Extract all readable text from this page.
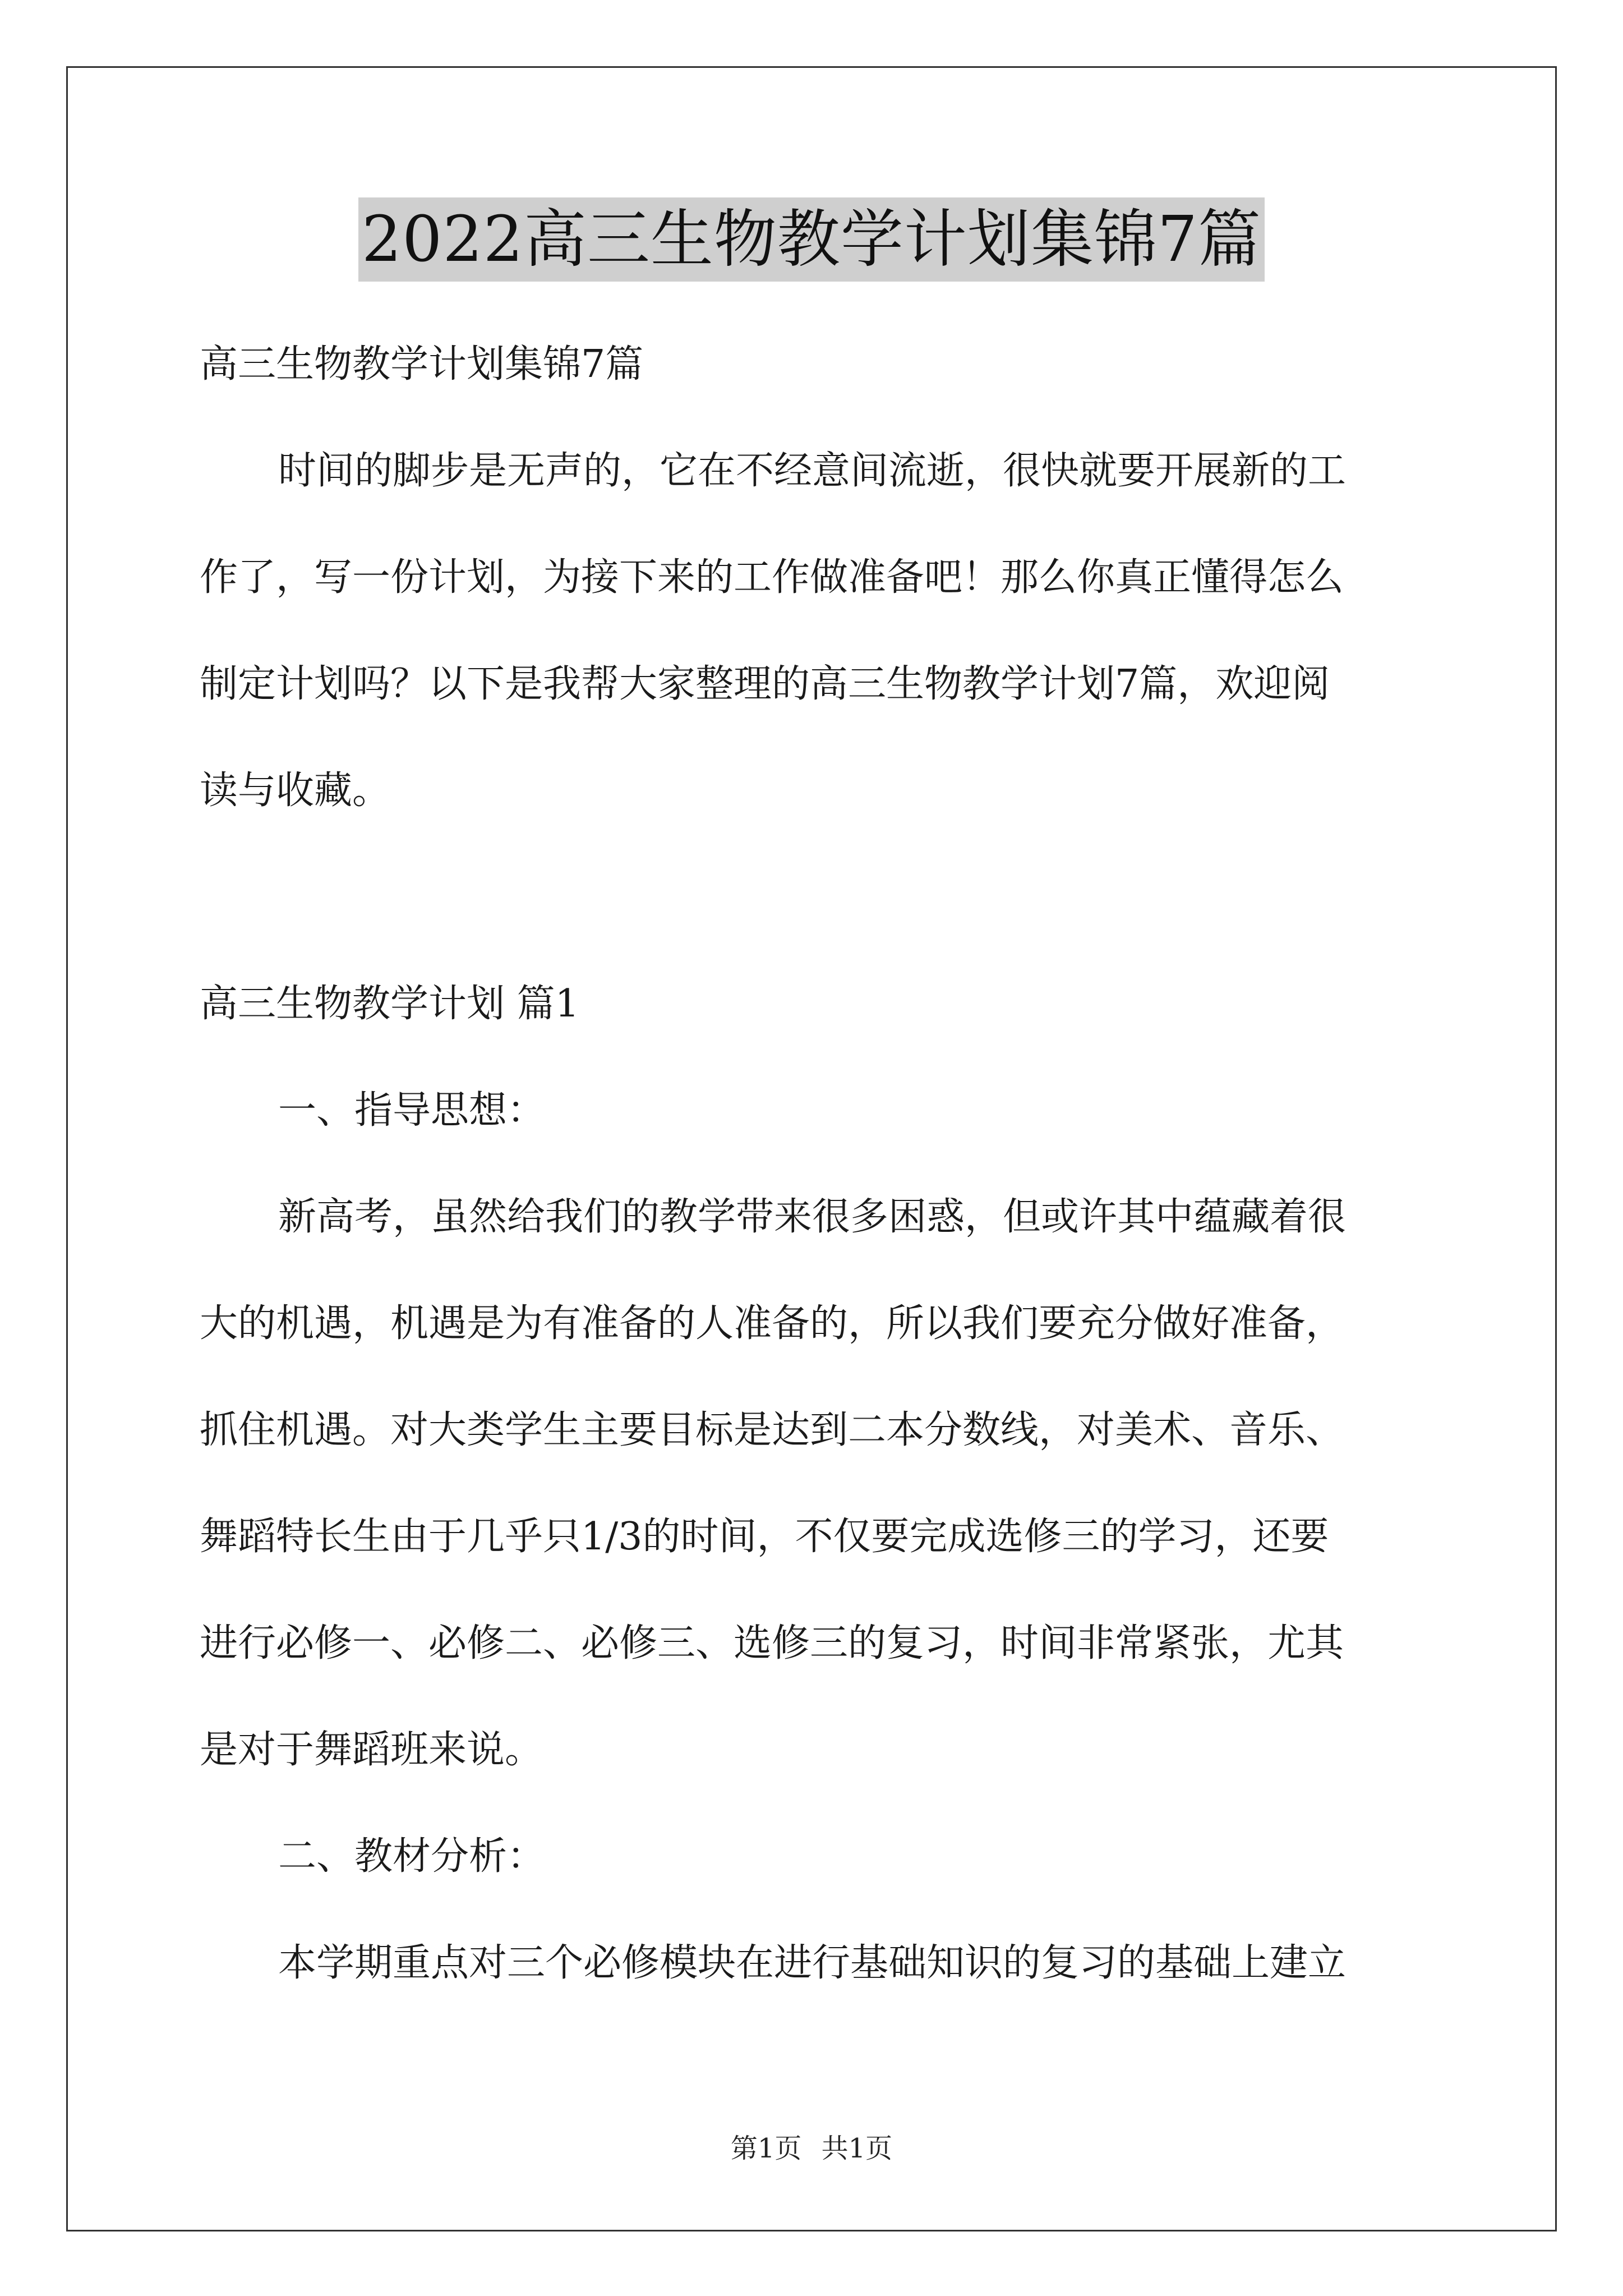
2022高三生物教学计划集锦7篇
高三生物教学计划集锦7篇
时间的脚步是无声的，它在不经意间流逝，很快就要开展新的工
作了，写一份计划，为接下来的工作做准备吧！那么你真正懂得怎么
制定计划吗？以下是我帮大家整理的高三生物教学计划7篇，欢迎阅
读与收藏。
高三生物教学计划 篇1
一、指导思想：
新高考，虽然给我们的教学带来很多困惑，但或许其中蕴藏着很
大的机遇，机遇是为有准备的人准备的，所以我们要充分做好准备，
抓住机遇。对大类学生主要目标是达到二本分数线，对美术、音乐、
舞蹈特长生由于几乎只1/3的时间，不仅要完成选修三的学习，还要
进行必修一、必修二、必修三、选修三的复习，时间非常紧张，尤其
是对于舞蹈班来说。
二、教材分析：
本学期重点对三个必修模块在进行基础知识的复习的基础上建立
第1页 共1页
